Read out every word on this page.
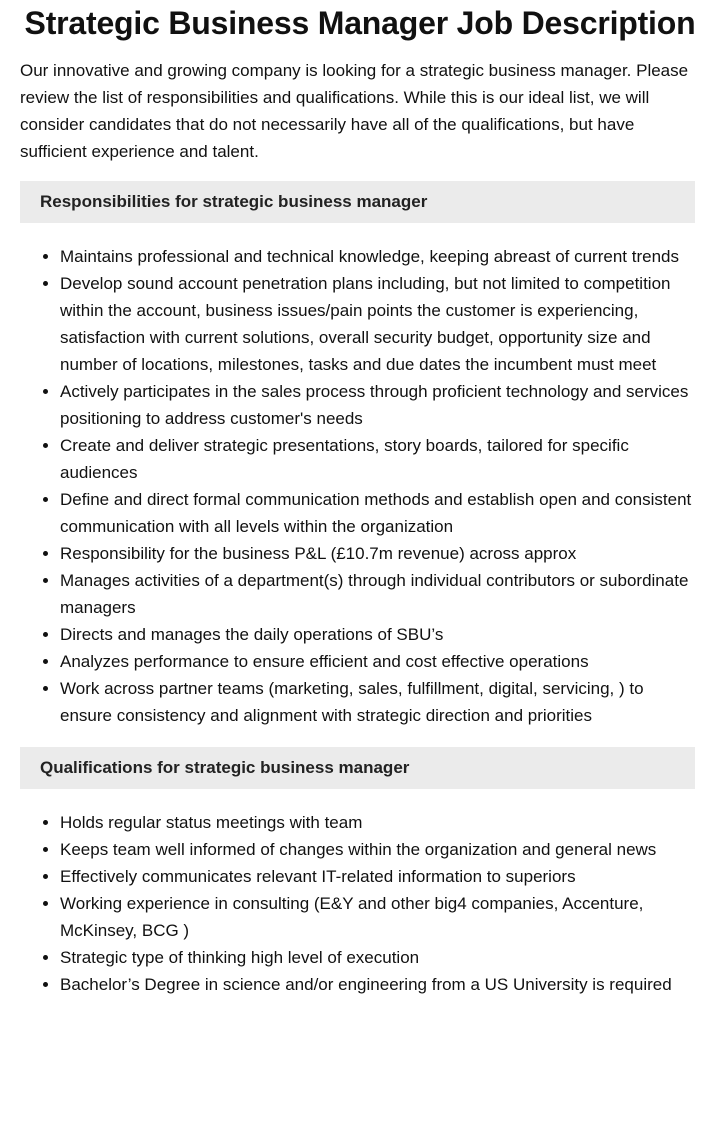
Strategic Business Manager Job Description

Our innovative and growing company is looking for a strategic business manager. Please review the list of responsibilities and qualifications. While this is our ideal list, we will consider candidates that do not necessarily have all of the qualifications, but have sufficient experience and talent.

Responsibilities for strategic business manager
• Maintains professional and technical knowledge, keeping abreast of current trends
• Develop sound account penetration plans including, but not limited to competition within the account, business issues/pain points the customer is experiencing, satisfaction with current solutions, overall security budget, opportunity size and number of locations, milestones, tasks and due dates the incumbent must meet
• Actively participates in the sales process through proficient technology and services positioning to address customer's needs
• Create and deliver strategic presentations, story boards, tailored for specific audiences
• Define and direct formal communication methods and establish open and consistent communication with all levels within the organization
• Responsibility for the business P&L (£10.7m revenue) across approx
• Manages activities of a department(s) through individual contributors or subordinate managers
• Directs and manages the daily operations of SBU’s
• Analyzes performance to ensure efficient and cost effective operations
• Work across partner teams (marketing, sales, fulfillment, digital, servicing, ) to ensure consistency and alignment with strategic direction and priorities
Qualifications for strategic business manager
• Holds regular status meetings with team
• Keeps team well informed of changes within the organization and general news
• Effectively communicates relevant IT-related information to superiors
• Working experience in consulting (E&Y and other big4 companies, Accenture, McKinsey, BCG )
• Strategic type of thinking high level of execution
• Bachelor’s Degree in science and/or engineering from a US University is required
